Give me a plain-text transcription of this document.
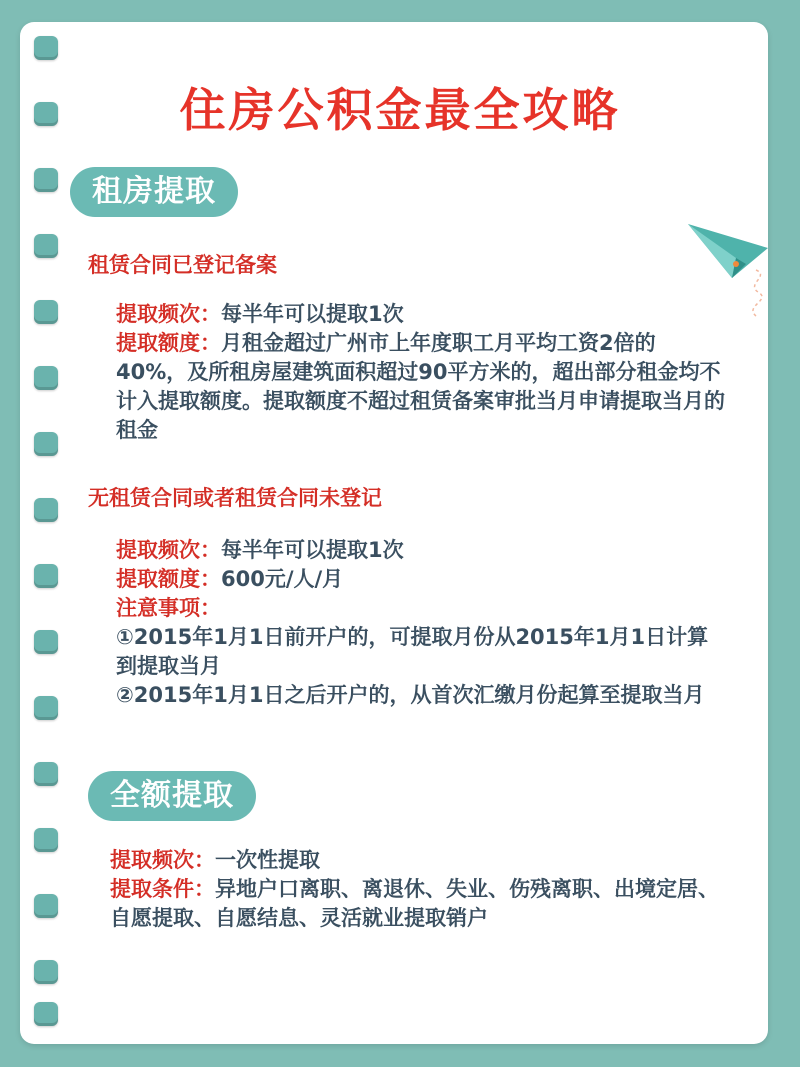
住房公积金最全攻略
租房提取
租赁合同已登记备案

提取频次：每半年可以提取1次

提取额度：月租金超过广州市上年度职工月平均工资2倍的40%，及所租房屋建筑面积超过90平方米的，超出部分租金均不计入提取额度。提取额度不超过租赁备案审批当月申请提取当月的租金

无租赁合同或者租赁合同未登记

提取频次：每半年可以提取1次

提取额度：600元/人/月

注意事项：

①2015年1月1日前开户的，可提取月份从2015年1月1日计算到提取当月

②2015年1月1日之后开户的，从首次汇缴月份起算至提取当月

全额提取

提取频次：一次性提取

提取条件：异地户口离职、离退休、失业、伤残离职、出境定居、自愿提取、自愿结息、灵活就业提取销户
